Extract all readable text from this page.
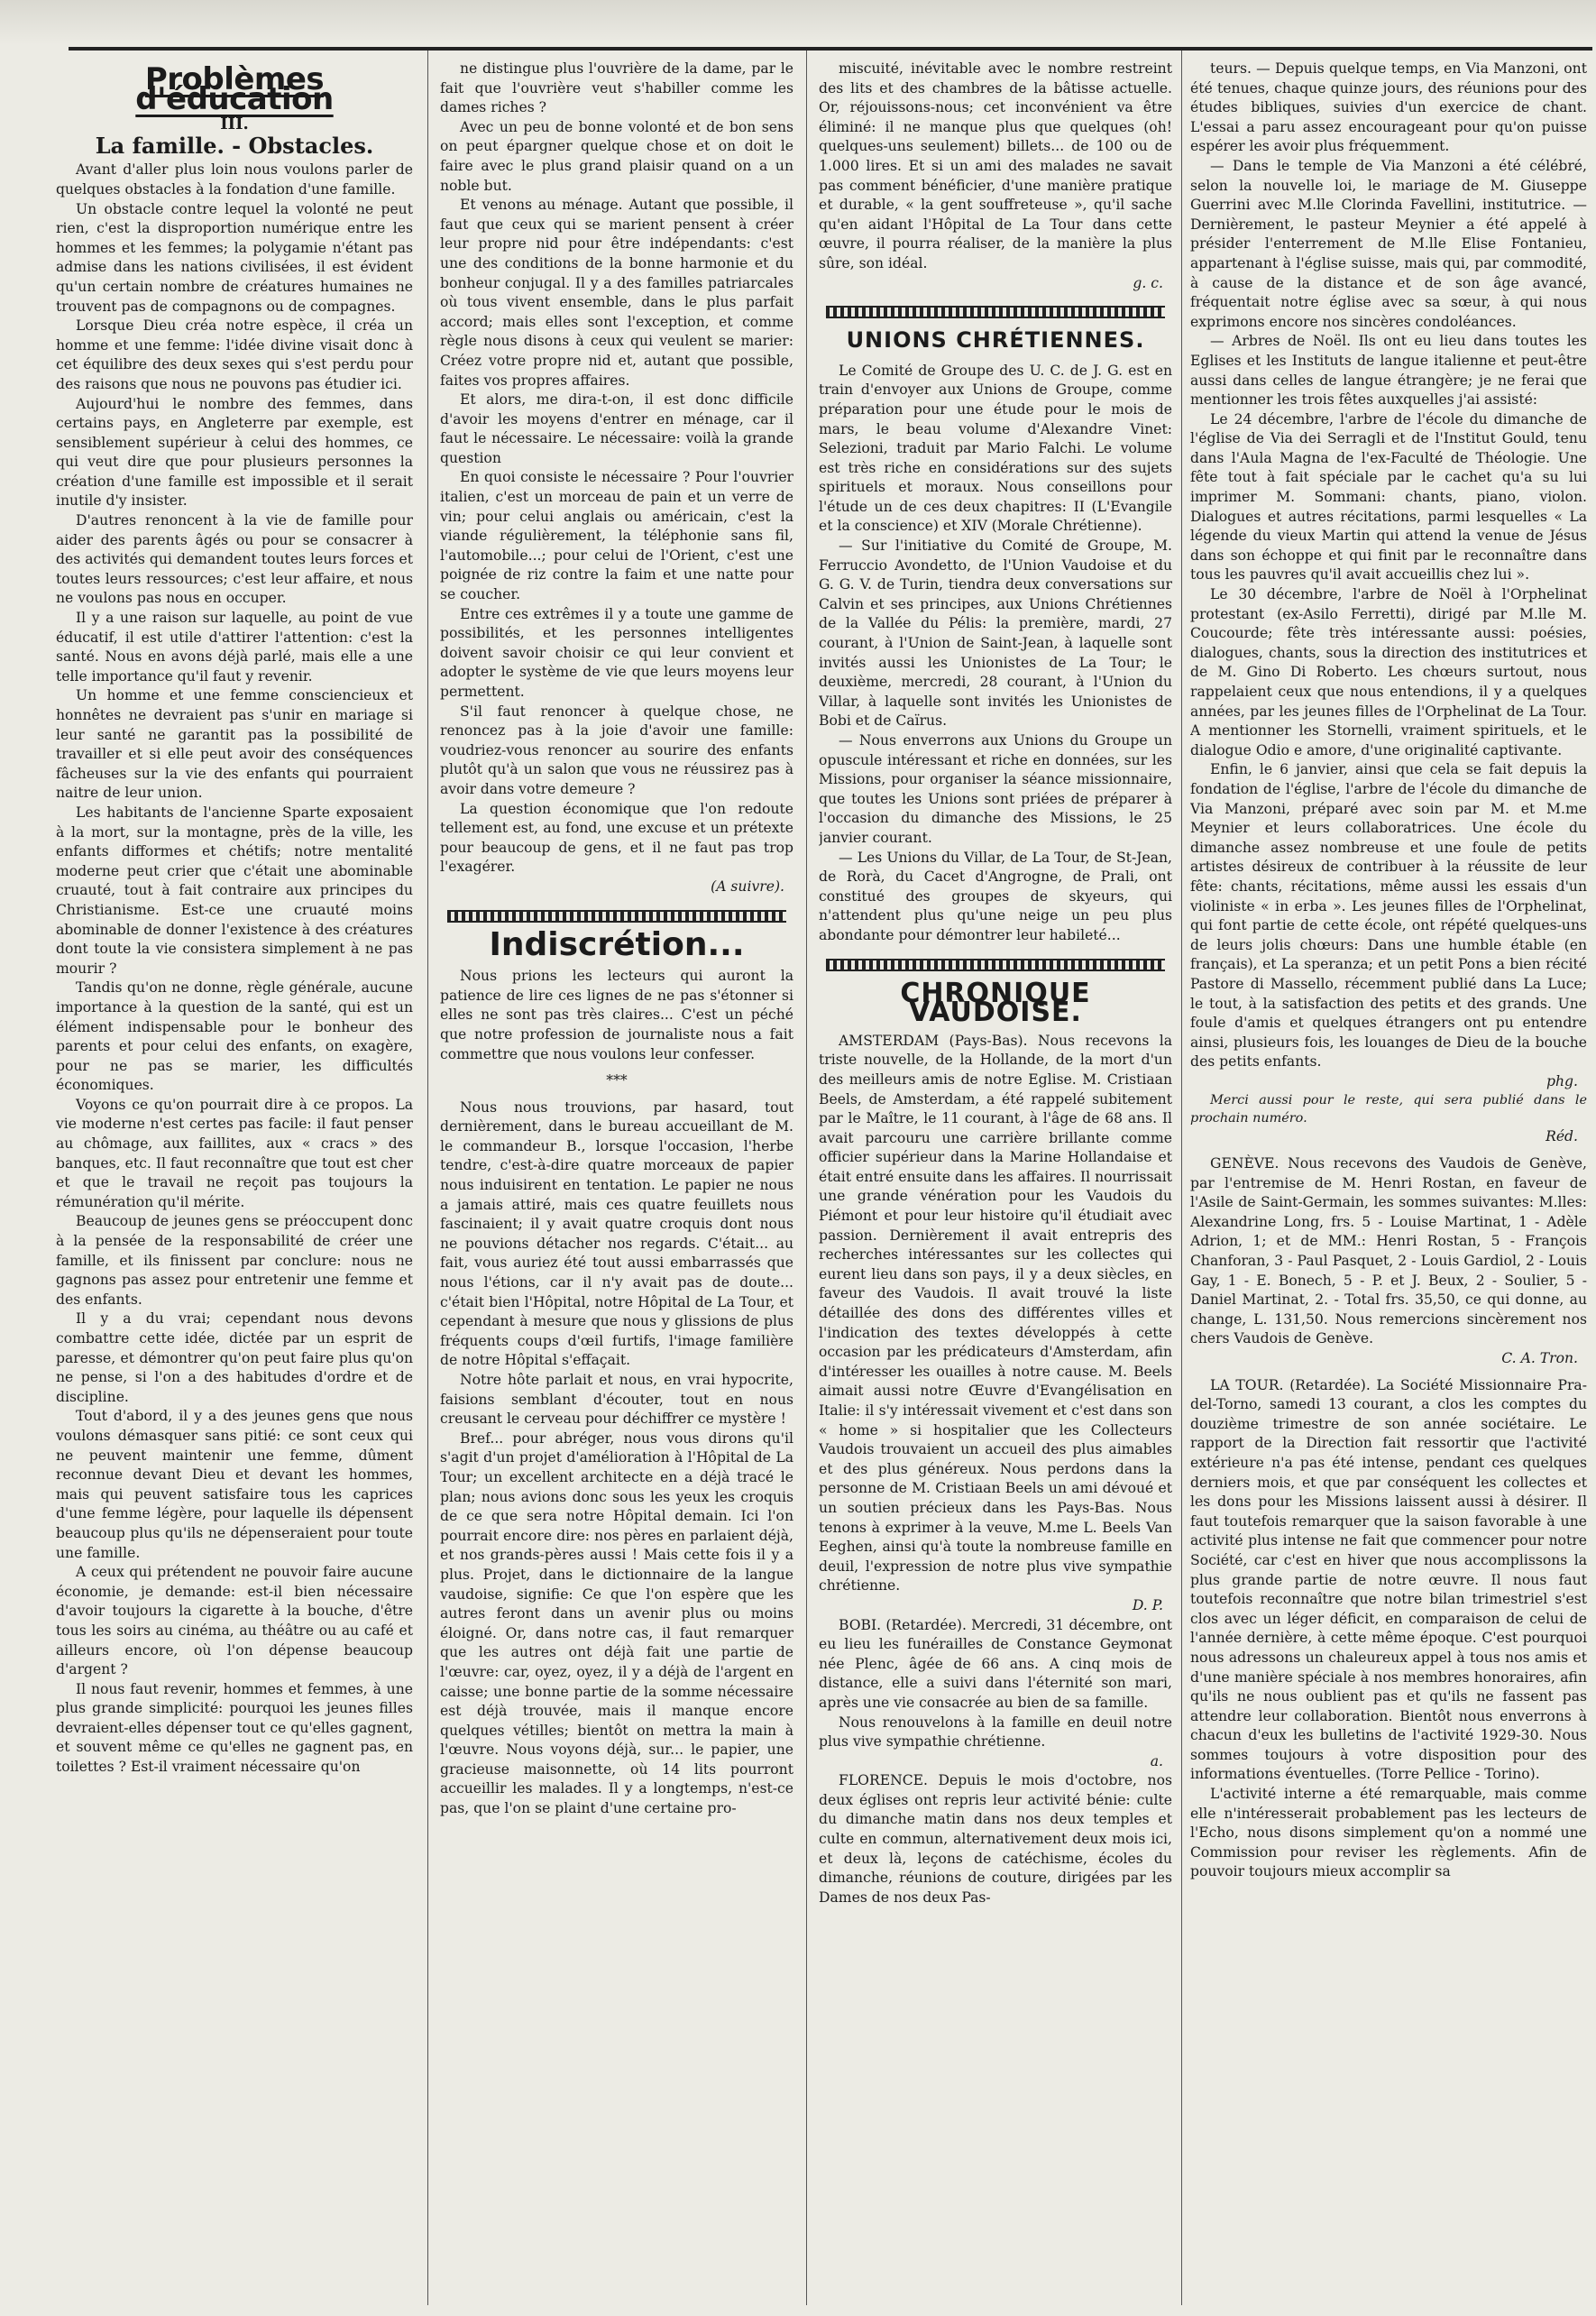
Problèmes d'éducation
III.
La famille. - Obstacles.

Avant d'aller plus loin nous voulons parler de quelques obstacles à la fondation d'une famille.

Un obstacle contre lequel la volonté ne peut rien, c'est la disproportion numérique entre les hommes et les femmes; la polygamie n'étant pas admise dans les nations civilisées, il est évident qu'un certain nombre de créatures humaines ne trouvent pas de compagnons ou de compagnes.

Lorsque Dieu créa notre espèce, il créa un homme et une femme: l'idée divine visait donc à cet équilibre des deux sexes qui s'est perdu pour des raisons que nous ne pouvons pas étudier ici.

Aujourd'hui le nombre des femmes, dans certains pays, en Angleterre par exemple, est sensiblement supérieur à celui des hommes, ce qui veut dire que pour plusieurs personnes la création d'une famille est impossible et il serait inutile d'y insister.

D'autres renoncent à la vie de famille pour aider des parents âgés ou pour se consacrer à des activités qui demandent toutes leurs forces et toutes leurs ressources; c'est leur affaire, et nous ne voulons pas nous en occuper.

Il y a une raison sur laquelle, au point de vue éducatif, il est utile d'attirer l'attention: c'est la santé. Nous en avons déjà parlé, mais elle a une telle importance qu'il faut y revenir.

Un homme et une femme consciencieux et honnêtes ne devraient pas s'unir en mariage si leur santé ne garantit pas la possibilité de travailler et si elle peut avoir des conséquences fâcheuses sur la vie des enfants qui pourraient naitre de leur union.

Les habitants de l'ancienne Sparte exposaient à la mort, sur la montagne, près de la ville, les enfants difformes et chétifs; notre mentalité moderne peut crier que c'était une abominable cruauté, tout à fait contraire aux principes du Christianisme. Est-ce une cruauté moins abominable de donner l'existence à des créatures dont toute la vie consistera simplement à ne pas mourir ?

Tandis qu'on ne donne, règle générale, aucune importance à la question de la santé, qui est un élément indispensable pour le bonheur des parents et pour celui des enfants, on exagère, pour ne pas se marier, les difficultés économiques.

Voyons ce qu'on pourrait dire à ce propos. La vie moderne n'est certes pas facile: il faut penser au chômage, aux faillites, aux « cracs » des banques, etc. Il faut reconnaître que tout est cher et que le travail ne reçoit pas toujours la rémunération qu'il mérite.

Beaucoup de jeunes gens se préoccupent donc à la pensée de la responsabilité de créer une famille, et ils finissent par conclure: nous ne gagnons pas assez pour entretenir une femme et des enfants.

Il y a du vrai; cependant nous devons combattre cette idée, dictée par un esprit de paresse, et démontrer qu'on peut faire plus qu'on ne pense, si l'on a des habitudes d'ordre et de discipline.

Tout d'abord, il y a des jeunes gens que nous voulons démasquer sans pitié: ce sont ceux qui ne peuvent maintenir une femme, dûment reconnue devant Dieu et devant les hommes, mais qui peuvent satisfaire tous les caprices d'une femme légère, pour laquelle ils dépensent beaucoup plus qu'ils ne dépenseraient pour toute une famille.

A ceux qui prétendent ne pouvoir faire aucune économie, je demande: est-il bien nécessaire d'avoir toujours la cigarette à la bouche, d'être tous les soirs au cinéma, au théâtre ou au café et ailleurs encore, où l'on dépense beaucoup d'argent ?

Il nous faut revenir, hommes et femmes, à une plus grande simplicité: pourquoi les jeunes filles devraient-elles dépenser tout ce qu'elles gagnent, et souvent même ce qu'elles ne gagnent pas, en toilettes ? Est-il vraiment nécessaire qu'on

ne distingue plus l'ouvrière de la dame, par le fait que l'ouvrière veut s'habiller comme les dames riches ?

Avec un peu de bonne volonté et de bon sens on peut épargner quelque chose et on doit le faire avec le plus grand plaisir quand on a un noble but.

Et venons au ménage. Autant que possible, il faut que ceux qui se marient pensent à créer leur propre nid pour être indépendants: c'est une des conditions de la bonne harmonie et du bonheur conjugal. Il y a des familles patriarcales où tous vivent ensemble, dans le plus parfait accord; mais elles sont l'exception, et comme règle nous disons à ceux qui veulent se marier: Créez votre propre nid et, autant que possible, faites vos propres affaires.

Et alors, me dira-t-on, il est donc difficile d'avoir les moyens d'entrer en ménage, car il faut le nécessaire. Le nécessaire: voilà la grande question

En quoi consiste le nécessaire ? Pour l'ouvrier italien, c'est un morceau de pain et un verre de vin; pour celui anglais ou américain, c'est la viande régulièrement, la téléphonie sans fil, l'automobile...; pour celui de l'Orient, c'est une poignée de riz contre la faim et une natte pour se coucher.

Entre ces extrêmes il y a toute une gamme de possibilités, et les personnes intelligentes doivent savoir choisir ce qui leur convient et adopter le système de vie que leurs moyens leur permettent.

S'il faut renoncer à quelque chose, ne renoncez pas à la joie d'avoir une famille: voudriez-vous renoncer au sourire des enfants plutôt qu'à un salon que vous ne réussirez pas à avoir dans votre demeure ?

La question économique que l'on redoute tellement est, au fond, une excuse et un prétexte pour beaucoup de gens, et il ne faut pas trop l'exagérer.

(A suivre).
Indiscrétion...

Nous prions les lecteurs qui auront la patience de lire ces lignes de ne pas s'étonner si elles ne sont pas très claires... C'est un péché que notre profession de journaliste nous a fait commettre que nous voulons leur confesser.

***

Nous nous trouvions, par hasard, tout dernièrement, dans le bureau accueillant de M. le commandeur B., lorsque l'occasion, l'herbe tendre, c'est-à-dire quatre morceaux de papier nous induisirent en tentation. Le papier ne nous a jamais attiré, mais ces quatre feuillets nous fascinaient; il y avait quatre croquis dont nous ne pouvions détacher nos regards. C'était... au fait, vous auriez été tout aussi embarrassés que nous l'étions, car il n'y avait pas de doute... c'était bien l'Hôpital, notre Hôpital de La Tour, et cependant à mesure que nous y glissions de plus fréquents coups d'œil furtifs, l'image familière de notre Hôpital s'effaçait.

Notre hôte parlait et nous, en vrai hypocrite, faisions semblant d'écouter, tout en nous creusant le cerveau pour déchiffrer ce mystère !

Bref... pour abréger, nous vous dirons qu'il s'agit d'un projet d'amélioration à l'Hôpital de La Tour; un excellent architecte en a déjà tracé le plan; nous avions donc sous les yeux les croquis de ce que sera notre Hôpital demain. Ici l'on pourrait encore dire: nos pères en parlaient déjà, et nos grands-pères aussi ! Mais cette fois il y a plus. Projet, dans le dictionnaire de la langue vaudoise, signifie: Ce que l'on espère que les autres feront dans un avenir plus ou moins éloigné. Or, dans notre cas, il faut remarquer que les autres ont déjà fait une partie de l'œuvre: car, oyez, oyez, il y a déjà de l'argent en caisse; une bonne partie de la somme nécessaire est déjà trouvée, mais il manque encore quelques vétilles; bientôt on mettra la main à l'œuvre. Nous voyons déjà, sur... le papier, une gracieuse maisonnette, où 14 lits pourront accueillir les malades. Il y a longtemps, n'est-ce pas, que l'on se plaint d'une certaine pro-

miscuité, inévitable avec le nombre restreint des lits et des chambres de la bâtisse actuelle. Or, réjouissons-nous; cet inconvénient va être éliminé: il ne manque plus que quelques (oh! quelques-uns seulement) billets... de 100 ou de 1.000 lires. Et si un ami des malades ne savait pas comment bénéficier, d'une manière pratique et durable, « la gent souffreteuse », qu'il sache qu'en aidant l'Hôpital de La Tour dans cette œuvre, il pourra réaliser, de la manière la plus sûre, son idéal.

g. c.
UNIONS CHRÉTIENNES.

Le Comité de Groupe des U. C. de J. G. est en train d'envoyer aux Unions de Groupe, comme préparation pour une étude pour le mois de mars, le beau volume d'Alexandre Vinet: Selezioni, traduit par Mario Falchi. Le volume est très riche en considérations sur des sujets spirituels et moraux. Nous conseillons pour l'étude un de ces deux chapitres: II (L'Evangile et la conscience) et XIV (Morale Chrétienne).

— Sur l'initiative du Comité de Groupe, M. Ferruccio Avondetto, de l'Union Vaudoise et du G. G. V. de Turin, tiendra deux conversations sur Calvin et ses principes, aux Unions Chrétiennes de la Vallée du Pélis: la première, mardi, 27 courant, à l'Union de Saint-Jean, à laquelle sont invités aussi les Unionistes de La Tour; le deuxième, mercredi, 28 courant, à l'Union du Villar, à laquelle sont invités les Unionistes de Bobi et de Caïrus.

— Nous enverrons aux Unions du Groupe un opuscule intéressant et riche en données, sur les Missions, pour organiser la séance missionnaire, que toutes les Unions sont priées de préparer à l'occasion du dimanche des Missions, le 25 janvier courant.

— Les Unions du Villar, de La Tour, de St-Jean, de Rorà, du Cacet d'Angrogne, de Prali, ont constitué des groupes de skyeurs, qui n'attendent plus qu'une neige un peu plus abondante pour démontrer leur habileté...

CHRONIQUE VAUDOISE.

AMSTERDAM (Pays-Bas). Nous recevons la triste nouvelle, de la Hollande, de la mort d'un des meilleurs amis de notre Eglise. M. Cristiaan Beels, de Amsterdam, a été rappelé subitement par le Maître, le 11 courant, à l'âge de 68 ans. Il avait parcouru une carrière brillante comme officier supérieur dans la Marine Hollandaise et était entré ensuite dans les affaires. Il nourrissait une grande vénération pour les Vaudois du Piémont et pour leur histoire qu'il étudiait avec passion. Dernièrement il avait entrepris des recherches intéressantes sur les collectes qui eurent lieu dans son pays, il y a deux siècles, en faveur des Vaudois. Il avait trouvé la liste détaillée des dons des différentes villes et l'indication des textes développés à cette occasion par les prédicateurs d'Amsterdam, afin d'intéresser les ouailles à notre cause. M. Beels aimait aussi notre Œuvre d'Evangélisation en Italie: il s'y intéressait vivement et c'est dans son « home » si hospitalier que les Collecteurs Vaudois trouvaient un accueil des plus aimables et des plus généreux. Nous perdons dans la personne de M. Cristiaan Beels un ami dévoué et un soutien précieux dans les Pays-Bas. Nous tenons à exprimer à la veuve, M.me L. Beels Van Eeghen, ainsi qu'à toute la nombreuse famille en deuil, l'expression de notre plus vive sympathie chrétienne.

D. P.

BOBI. (Retardée). Mercredi, 31 décembre, ont eu lieu les funérailles de Constance Geymonat née Plenc, âgée de 66 ans. A cinq mois de distance, elle a suivi dans l'éternité son mari, après une vie consacrée au bien de sa famille.

Nous renouvelons à la famille en deuil notre plus vive sympathie chrétienne.

a.

FLORENCE. Depuis le mois d'octobre, nos deux églises ont repris leur activité bénie: culte du dimanche matin dans nos deux temples et culte en commun, alternativement deux mois ici, et deux là, leçons de catéchisme, écoles du dimanche, réunions de couture, dirigées par les Dames de nos deux Pas-

teurs. — Depuis quelque temps, en Via Manzoni, ont été tenues, chaque quinze jours, des réunions pour des études bibliques, suivies d'un exercice de chant. L'essai a paru assez encourageant pour qu'on puisse espérer les avoir plus fréquemment.

— Dans le temple de Via Manzoni a été célébré, selon la nouvelle loi, le mariage de M. Giuseppe Guerrini avec M.lle Clorinda Favellini, institutrice. — Dernièrement, le pasteur Meynier a été appelé à présider l'enterrement de M.lle Elise Fontanieu, appartenant à l'église suisse, mais qui, par commodité, à cause de la distance et de son âge avancé, fréquentait notre église avec sa sœur, à qui nous exprimons encore nos sincères condoléances.

— Arbres de Noël. Ils ont eu lieu dans toutes les Eglises et les Instituts de langue italienne et peut-être aussi dans celles de langue étrangère; je ne ferai que mentionner les trois fêtes auxquelles j'ai assisté:

Le 24 décembre, l'arbre de l'école du dimanche de l'église de Via dei Serragli et de l'Institut Gould, tenu dans l'Aula Magna de l'ex-Faculté de Théologie. Une fête tout à fait spéciale par le cachet qu'a su lui imprimer M. Sommani: chants, piano, violon. Dialogues et autres récitations, parmi lesquelles « La légende du vieux Martin qui attend la venue de Jésus dans son échoppe et qui finit par le reconnaître dans tous les pauvres qu'il avait accueillis chez lui ».

Le 30 décembre, l'arbre de Noël à l'Orphelinat protestant (ex-Asilo Ferretti), dirigé par M.lle M. Coucourde; fête très intéressante aussi: poésies, dialogues, chants, sous la direction des institutrices et de M. Gino Di Roberto. Les chœurs surtout, nous rappelaient ceux que nous entendions, il y a quelques années, par les jeunes filles de l'Orphelinat de La Tour. A mentionner les Stornelli, vraiment spirituels, et le dialogue Odio e amore, d'une originalité captivante.

Enfin, le 6 janvier, ainsi que cela se fait depuis la fondation de l'église, l'arbre de l'école du dimanche de Via Manzoni, préparé avec soin par M. et M.me Meynier et leurs collaboratrices. Une école du dimanche assez nombreuse et une foule de petits artistes désireux de contribuer à la réussite de leur fête: chants, récitations, même aussi les essais d'un violiniste « in erba ». Les jeunes filles de l'Orphelinat, qui font partie de cette école, ont répété quelques-uns de leurs jolis chœurs: Dans une humble étable (en français), et La speranza; et un petit Pons a bien récité Pastore di Massello, récemment publié dans La Luce; le tout, à la satisfaction des petits et des grands. Une foule d'amis et quelques étrangers ont pu entendre ainsi, plusieurs fois, les louanges de Dieu de la bouche des petits enfants.

phg.

Merci aussi pour le reste, qui sera publié dans le prochain numéro.

Réd.

GENÈVE. Nous recevons des Vaudois de Genève, par l'entremise de M. Henri Rostan, en faveur de l'Asile de Saint-Germain, les sommes suivantes: M.lles: Alexandrine Long, frs. 5 - Louise Martinat, 1 - Adèle Adrion, 1; et de MM.: Henri Rostan, 5 - François Chanforan, 3 - Paul Pasquet, 2 - Louis Gardiol, 2 - Louis Gay, 1 - E. Bonech, 5 - P. et J. Beux, 2 - Soulier, 5 - Daniel Martinat, 2. - Total frs. 35,50, ce qui donne, au change, L. 131,50. Nous remercions sincèrement nos chers Vaudois de Genève.

C. A. Tron.

LA TOUR. (Retardée). La Société Missionnaire Pra-del-Torno, samedi 13 courant, a clos les comptes du douzième trimestre de son année sociétaire. Le rapport de la Direction fait ressortir que l'activité extérieure n'a pas été intense, pendant ces quelques derniers mois, et que par conséquent les collectes et les dons pour les Missions laissent aussi à désirer. Il faut toutefois remarquer que la saison favorable à une activité plus intense ne fait que commencer pour notre Société, car c'est en hiver que nous accomplissons la plus grande partie de notre œuvre. Il nous faut toutefois reconnaître que notre bilan trimestriel s'est clos avec un léger déficit, en comparaison de celui de l'année dernière, à cette même époque. C'est pourquoi nous adressons un chaleureux appel à tous nos amis et d'une manière spéciale à nos membres honoraires, afin qu'ils ne nous oublient pas et qu'ils ne fassent pas attendre leur collaboration. Bientôt nous enverrons à chacun d'eux les bulletins de l'activité 1929-30. Nous sommes toujours à votre disposition pour des informations éventuelles. (Torre Pellice - Torino).

L'activité interne a été remarquable, mais comme elle n'intéresserait probablement pas les lecteurs de l'Echo, nous disons simplement qu'on a nommé une Commission pour reviser les règlements. Afin de pouvoir toujours mieux accomplir sa
